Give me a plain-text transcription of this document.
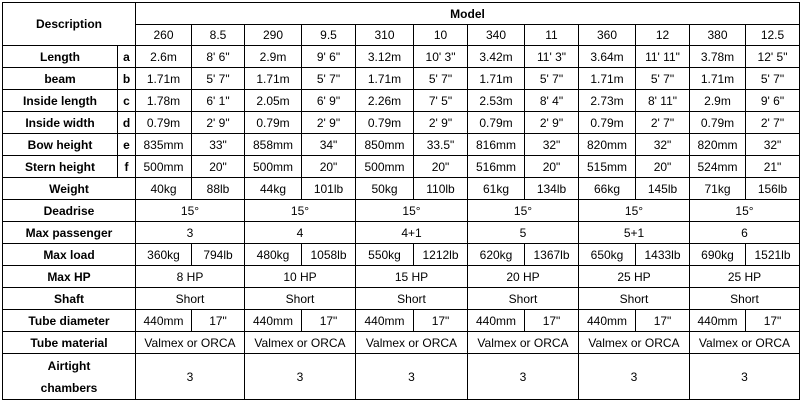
Description		Model											
		260	8.5	290	9.5	310	10	340	11	360	12	380	12.5
Length	a	2.6m	8' 6"	2.9m	9' 6"	3.12m	10' 3"	3.42m	11' 3"	3.64m	11' 11"	3.78m	12' 5"
beam	b	1.71m	5' 7"	1.71m	5' 7"	1.71m	5' 7"	1.71m	5' 7"	1.71m	5' 7"	1.71m	5' 7"
Inside length	c	1.78m	6' 1"	2.05m	6' 9"	2.26m	7' 5"	2.53m	8' 4"	2.73m	8' 11"	2.9m	9' 6"
Inside width	d	0.79m	2' 9"	0.79m	2' 9"	0.79m	2' 9"	0.79m	2' 9"	0.79m	2' 7"	0.79m	2' 7"
Bow height	e	835mm	33"	858mm	34"	850mm	33.5"	816mm	32"	820mm	32"	820mm	32"
Stern height	f	500mm	20"	500mm	20"	500mm	20"	516mm	20"	515mm	20"	524mm	21"
Weight		40kg	88lb	44kg	101lb	50kg	110lb	61kg	134lb	66kg	145lb	71kg	156lb
Deadrise		15°		15°		15°		15°		15°		15°	
Max passenger		3		4		4+1		5		5+1		6	
Max load		360kg	794lb	480kg	1058lb	550kg	1212lb	620kg	1367lb	650kg	1433lb	690kg	1521lb
Max HP		8 HP		10 HP		15 HP		20 HP		25 HP		25 HP	
Shaft		Short		Short		Short		Short		Short		Short	
Tube diameter		440mm	17"	440mm	17"	440mm	17"	440mm	17"	440mm	17"	440mm	17"
Tube material		Valmex or ORCA		Valmex or ORCA		Valmex or ORCA		Valmex or ORCA		Valmex or ORCA		Valmex or ORCA	

Airtight
chambers		3		3		3		3		3		3	
